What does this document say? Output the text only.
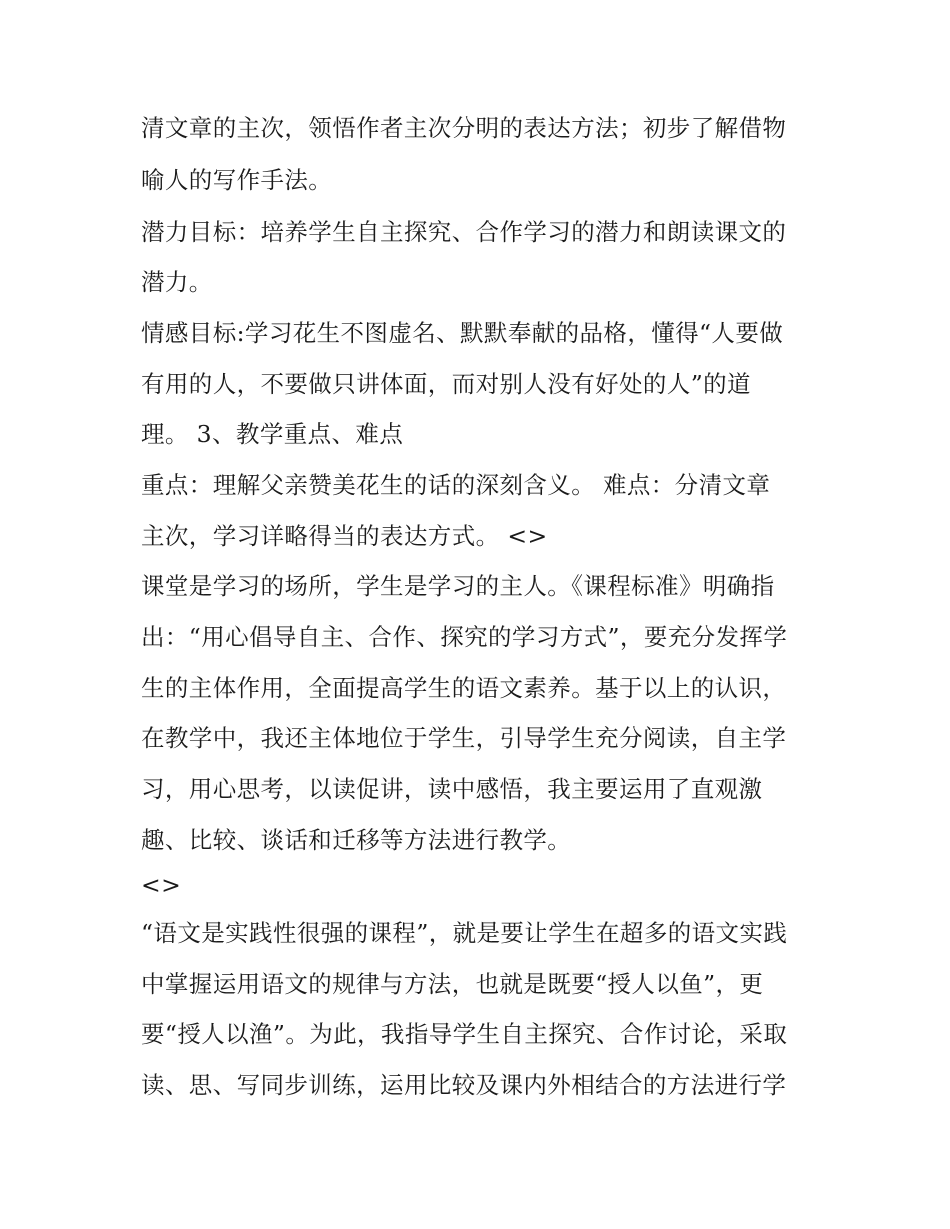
清文章的主次，领悟作者主次分明的表达方法；初步了解借物
喻人的写作手法。
潜力目标：培养学生自主探究、合作学习的潜力和朗读课文的
潜力。
情感目标:学习花生不图虚名、默默奉献的品格，懂得“人要做
有用的人，不要做只讲体面，而对别人没有好处的人”的道
理。 3、教学重点、难点
重点：理解父亲赞美花生的话的深刻含义。 难点：分清文章
主次，学习详略得当的表达方式。 <>
课堂是学习的场所，学生是学习的主人。《课程标准》明确指
出：“用心倡导自主、合作、探究的学习方式”，要充分发挥学
生的主体作用，全面提高学生的语文素养。基于以上的认识，
在教学中，我还主体地位于学生，引导学生充分阅读，自主学
习，用心思考，以读促讲，读中感悟，我主要运用了直观激
趣、比较、谈话和迁移等方法进行教学。
<>
“语文是实践性很强的课程”，就是要让学生在超多的语文实践
中掌握运用语文的规律与方法，也就是既要“授人以鱼”，更
要“授人以渔”。为此，我指导学生自主探究、合作讨论，采取
读、思、写同步训练，运用比较及课内外相结合的方法进行学
